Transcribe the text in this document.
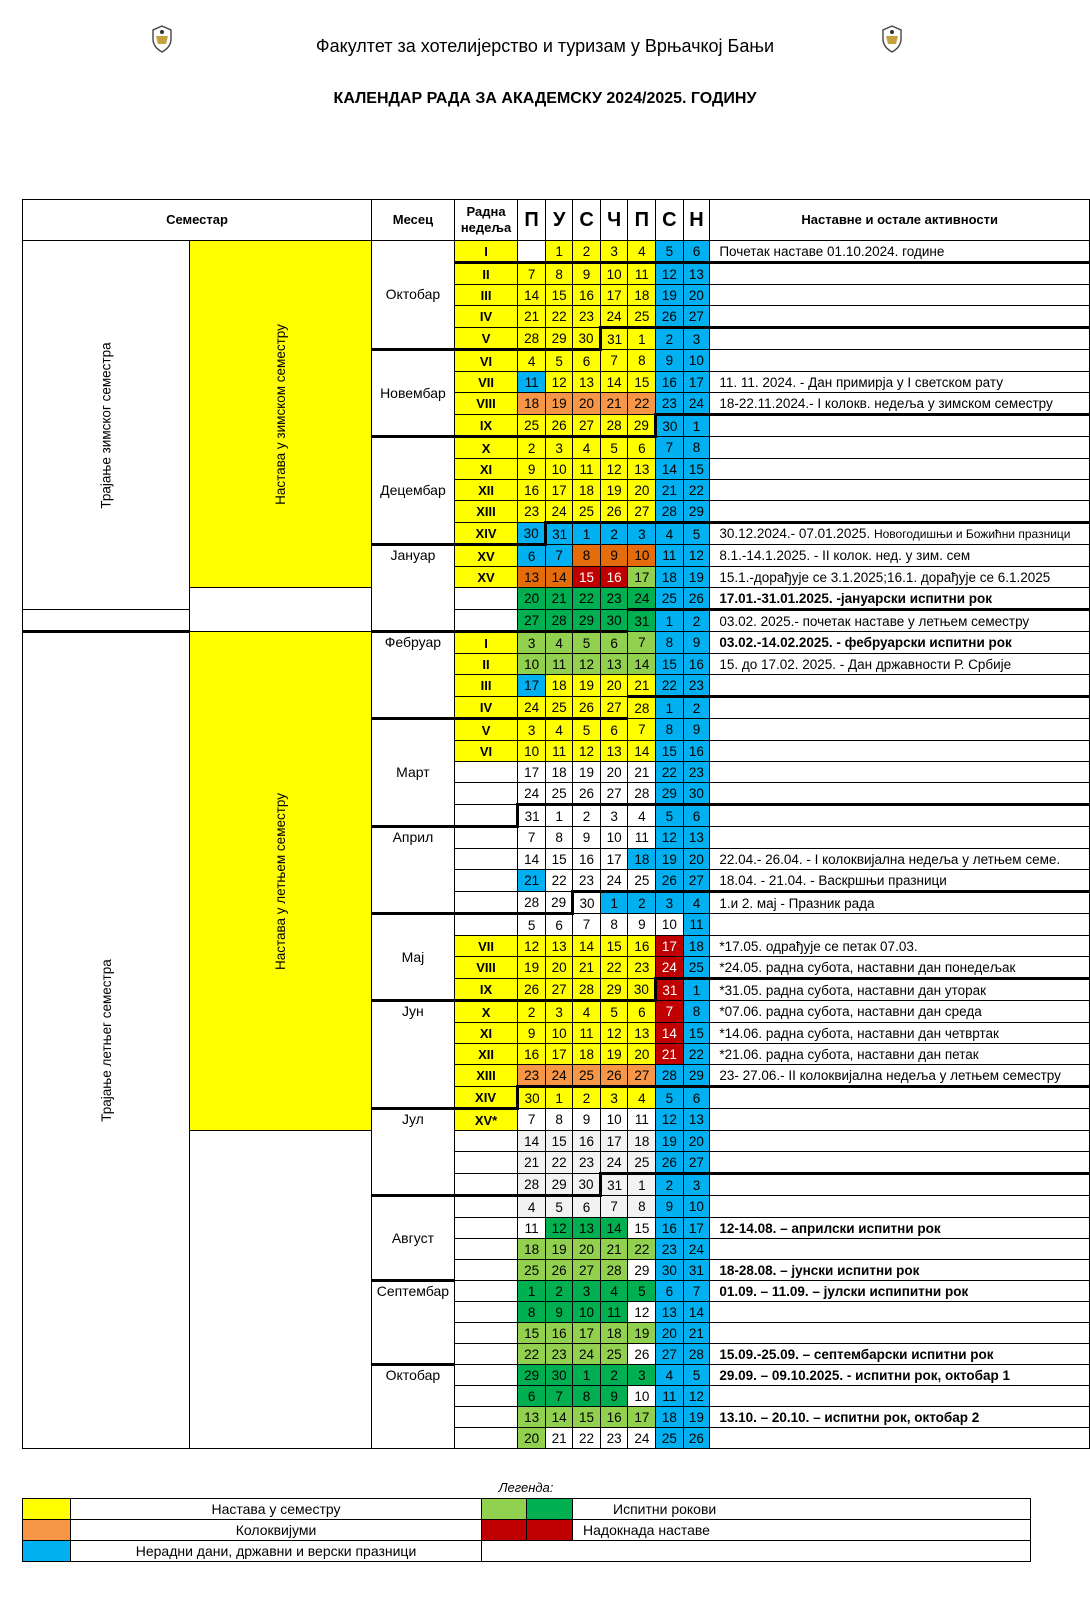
Факултет за хотелијерство и туризам у Врњачкој Бањи
КАЛЕНДАР РАДА ЗА АКАДЕМСКУ 2024/2025. ГОДИНУ
Семестар		Месец	Радна недеља	П	У	С	Ч	П	С	Н	Наставне и остале активности
Трајање зимског семестра	Настава у зимском семестру	Октобар	I		1	2	3	4	5	6	Почетак наставе 01.10.2024. године
			II	7	8	9	10	11	12	13	
			III	14	15	16	17	18	19	20	
			IV	21	22	23	24	25	26	27	
			V	28	29	30	31	1	2	3	
		Новембар	VI	4	5	6	7	8	9	10	
			VII	11	12	13	14	15	16	17	11. 11. 2024. - Дан примирја у I светском рату
			VIII	18	19	20	21	22	23	24	18-22.11.2024.- I колокв. недеља у зимском семестру
			IX	25	26	27	28	29	30	1	
		Децембар	X	2	3	4	5	6	7	8	
			XI	9	10	11	12	13	14	15	
			XII	16	17	18	19	20	21	22	
			XIII	23	24	25	26	27	28	29	
			XIV	30	31	1	2	3	4	5	30.12.2024.- 07.01.2025. Новогодишњи и Божићни празници
		Јануар	XV	6	7	8	9	10	11	12	8.1.-14.1.2025. - II колок. нед. у зим. сем
			XV	13	14	15	16	17	18	19	15.1.-дорађује се 3.1.2025;16.1. дорађује се 6.1.2025
				20	21	22	23	24	25	26	17.01.-31.01.2025. -јануарски испитни рок
				27	28	29	30	31	1	2	03.02. 2025.- почетак наставе у летњем семестру
Трајање летњег семестра	Настава у летњем семестру	Фебруар	I	3	4	5	6	7	8	9	03.02.-14.02.2025. - фебруарски испитни рок
			II	10	11	12	13	14	15	16	15. до 17.02. 2025. - Дан државности Р. Србије
			III	17	18	19	20	21	22	23	
			IV	24	25	26	27	28	1	2	
		Март	V	3	4	5	6	7	8	9	
			VI	10	11	12	13	14	15	16	
				17	18	19	20	21	22	23	
				24	25	26	27	28	29	30	
				31	1	2	3	4	5	6	
		Април		7	8	9	10	11	12	13	
				14	15	16	17	18	19	20	22.04.- 26.04. - I колоквијална недеља у летњем семе.
				21	22	23	24	25	26	27	18.04. - 21.04. - Васкршњи празници
				28	29	30	1	2	3	4	1.и 2. мај - Празник рада
		Мај		5	6	7	8	9	10	11	
			VII	12	13	14	15	16	17	18	*17.05. одрађује се петак 07.03.
			VIII	19	20	21	22	23	24	25	*24.05. радна субота, наставни дан понедељак
			IX	26	27	28	29	30	31	1	*31.05. радна субота, наставни дан уторак
		Јун	X	2	3	4	5	6	7	8	*07.06. радна субота, наставни дан среда
			XI	9	10	11	12	13	14	15	*14.06. радна субота, наставни дан четвртак
			XII	16	17	18	19	20	21	22	*21.06. радна субота, наставни дан петак
			XIII	23	24	25	26	27	28	29	23- 27.06.- II колоквијална недеља у летњем семестру
			XIV	30	1	2	3	4	5	6	
		Јул	XV*	7	8	9	10	11	12	13	
				14	15	16	17	18	19	20	
				21	22	23	24	25	26	27	
				28	29	30	31	1	2	3	
		Август		4	5	6	7	8	9	10	
				11	12	13	14	15	16	17	12-14.08. – априлски испитни рок
				18	19	20	21	22	23	24	
				25	26	27	28	29	30	31	18-28.08. – јунски испитни рок
		Септембар		1	2	3	4	5	6	7	01.09. – 11.09. – јулски испипитни рок
				8	9	10	11	12	13	14	
				15	16	17	18	19	20	21	
				22	23	24	25	26	27	28	15.09.-25.09. – септембарски испитни рок
		Октобар		29	30	1	2	3	4	5	29.09. – 09.10.2025. - испитни рок, октобар 1
				6	7	8	9	10	11	12	
				13	14	15	16	17	18	19	13.10. – 20.10. – испитни рок, октобар 2
				20	21	22	23	24	25	26	
Легенда:
	Настава у семестру			Испитни рокови
	Колоквијуми			Надокнада наставе
	Нерадни дани, државни и верски празници			
